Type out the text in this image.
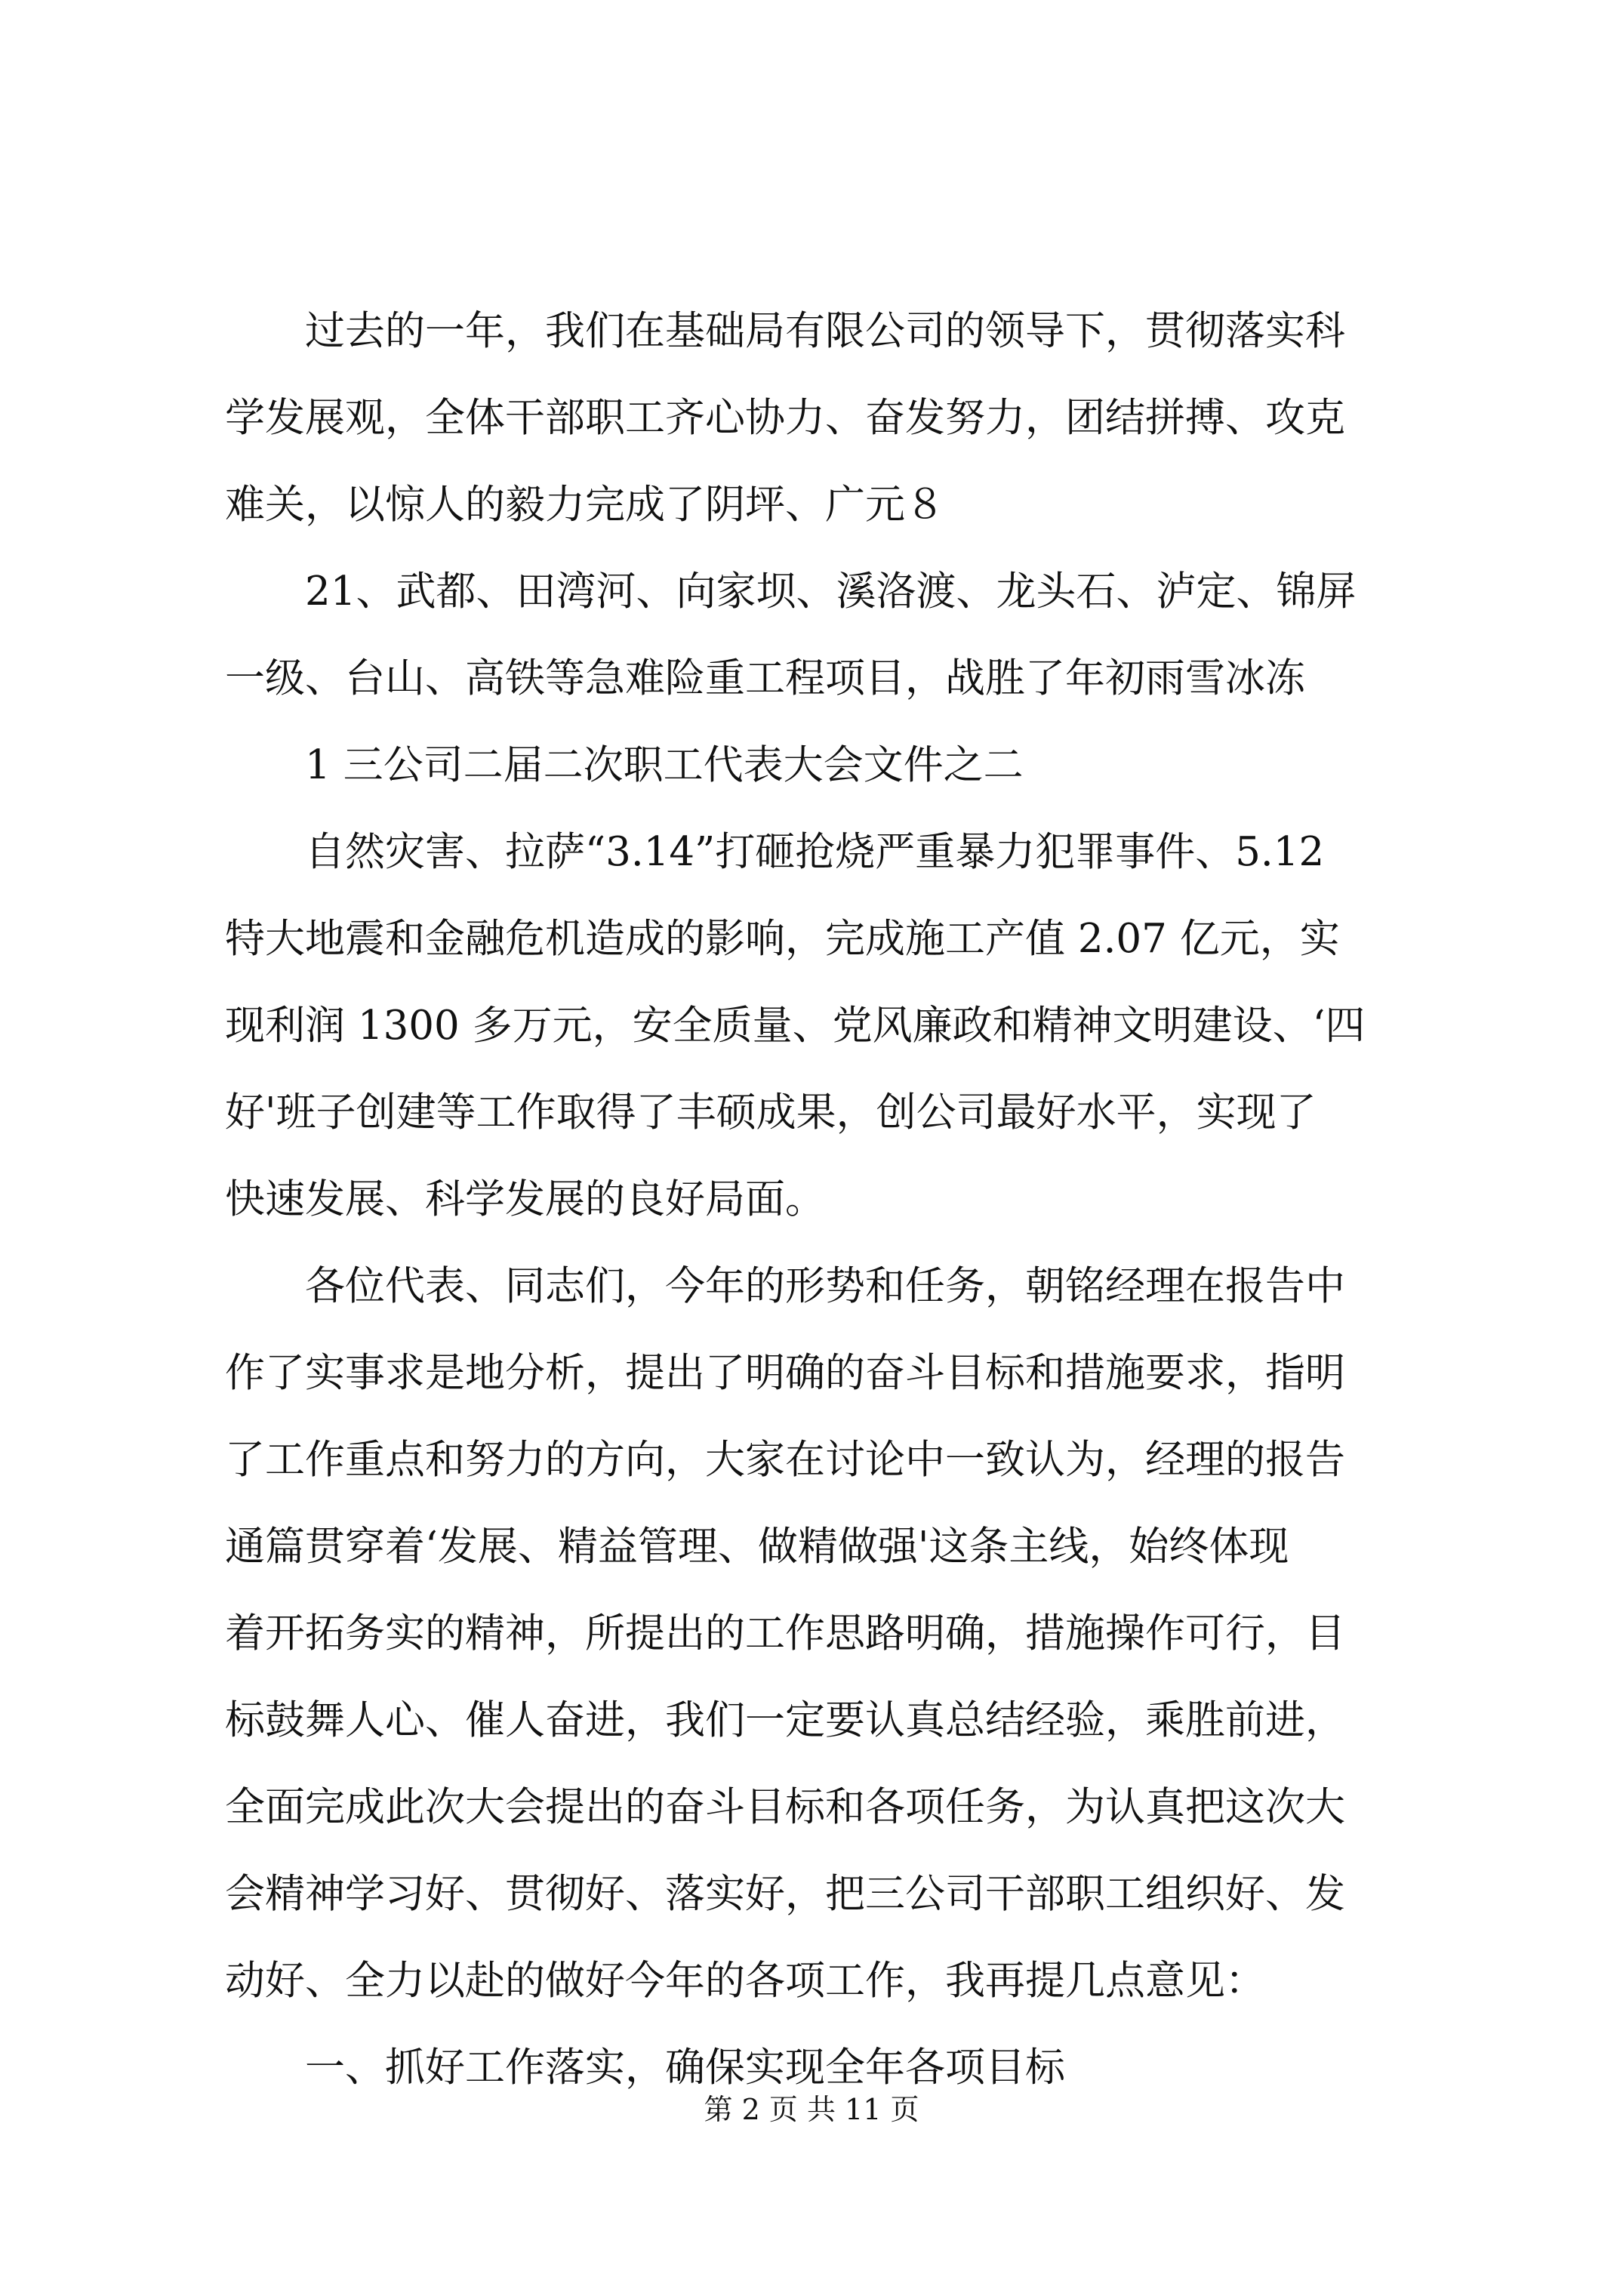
过去的一年，我们在基础局有限公司的领导下，贯彻落实科
学发展观，全体干部职工齐心协力、奋发努力，团结拼搏、攻克
难关，以惊人的毅力完成了阴坪、广元８
21、武都、田湾河、向家坝、溪洛渡、龙头石、泸定、锦屏
一级、台山、高铁等急难险重工程项目，战胜了年初雨雪冰冻
1 三公司二届二次职工代表大会文件之二
自然灾害、拉萨“3.14”打砸抢烧严重暴力犯罪事件、5.12
特大地震和金融危机造成的影响，完成施工产值 2.07 亿元，实
现利润 1300 多万元，安全质量、党风廉政和精神文明建设、‘四
好'班子创建等工作取得了丰硕成果，创公司最好水平，实现了
快速发展、科学发展的良好局面。
各位代表、同志们，今年的形势和任务，朝铭经理在报告中
作了实事求是地分析，提出了明确的奋斗目标和措施要求，指明
了工作重点和努力的方向，大家在讨论中一致认为，经理的报告
通篇贯穿着‘发展、精益管理、做精做强'这条主线，始终体现
着开拓务实的精神，所提出的工作思路明确，措施操作可行，目
标鼓舞人心、催人奋进，我们一定要认真总结经验，乘胜前进，
全面完成此次大会提出的奋斗目标和各项任务，为认真把这次大
会精神学习好、贯彻好、落实好，把三公司干部职工组织好、发
动好、全力以赴的做好今年的各项工作，我再提几点意见：
一、抓好工作落实，确保实现全年各项目标
第 2 页 共 11 页
